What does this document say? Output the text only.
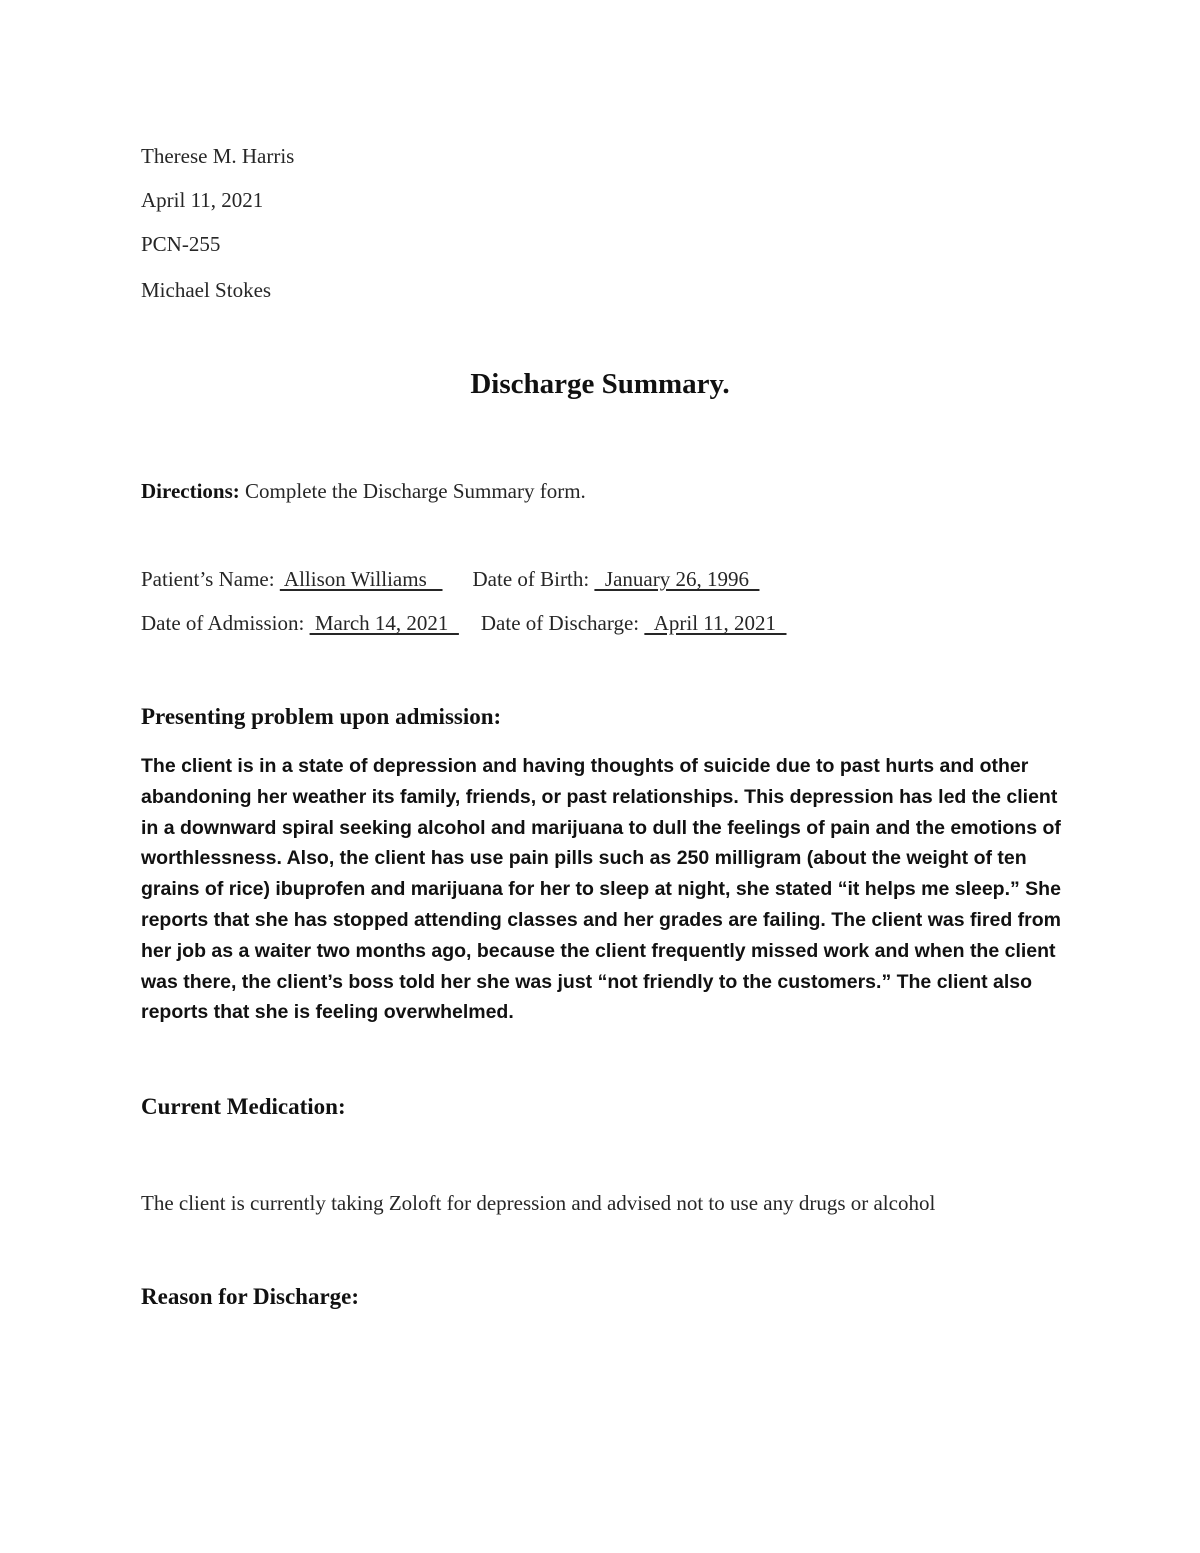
Therese M. Harris
April 11, 2021
PCN-255
Michael Stokes
Discharge Summary.
Directions: Complete the Discharge Summary form.
Patient’s Name:  Allison Williams   Date of Birth:   January 26, 1996
Date of Admission:  March 14, 2021  Date of Discharge:   April 11, 2021
Presenting problem upon admission:
The client is in a state of depression and having thoughts of suicide due to past hurts and other abandoning her weather its family, friends, or past relationships. This depression has led the client in a downward spiral seeking alcohol and marijuana to dull the feelings of pain and the emotions of worthlessness. Also, the client has use pain pills such as 250 milligram (about the weight of ten grains of rice) ibuprofen and marijuana for her to sleep at night, she stated “it helps me sleep.” She reports that she has stopped attending classes and her grades are failing. The client was fired from her job as a waiter two months ago, because the client frequently missed work and when the client was there, the client’s boss told her she was just “not friendly to the customers.” The client also reports that she is feeling overwhelmed.
Current Medication:
The client is currently taking Zoloft for depression and advised not to use any drugs or alcohol
Reason for Discharge:
